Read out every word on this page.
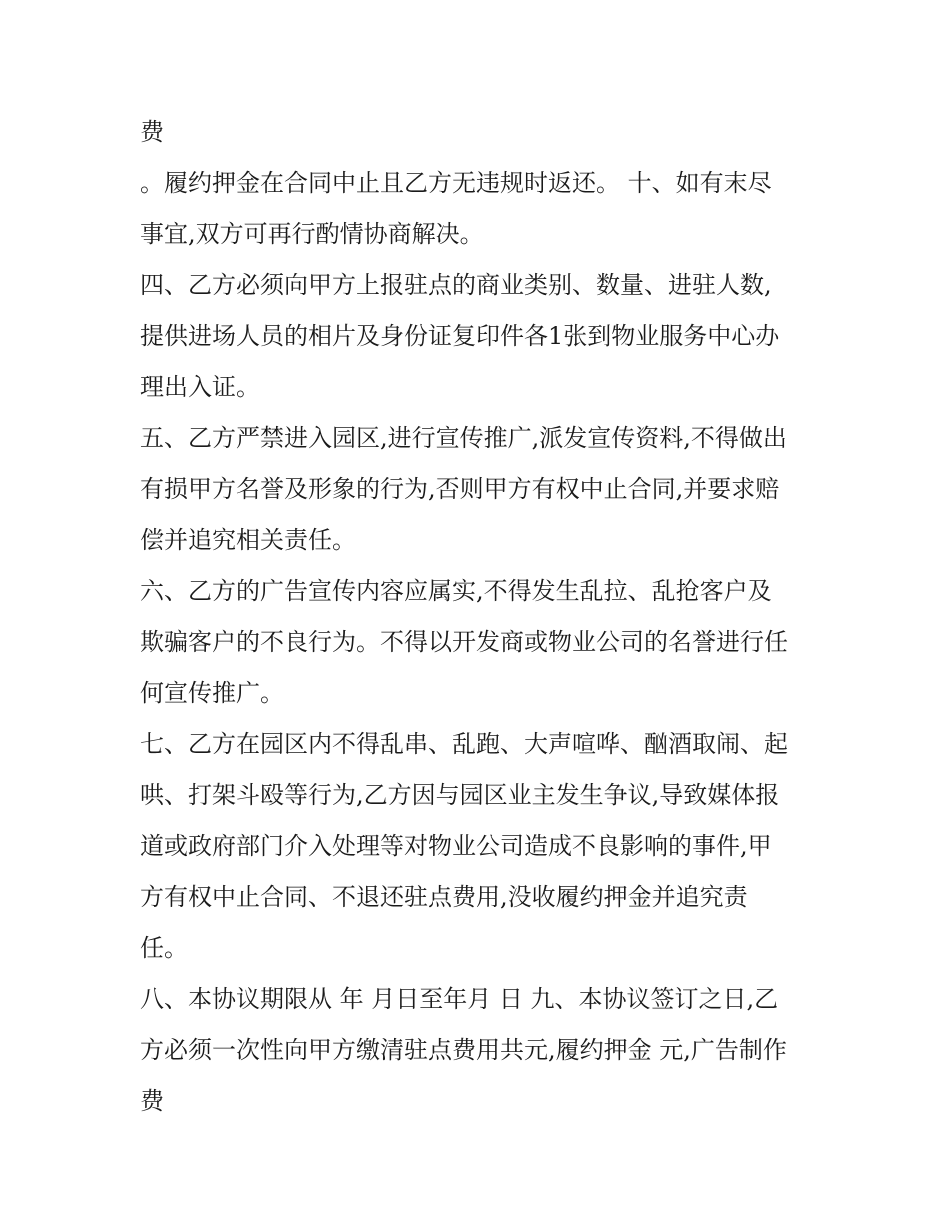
费
。履约押金在合同中止且乙方无违规时返还。 十、如有末尽
事宜,双方可再行酌情协商解决。
四、乙方必须向甲方上报驻点的商业类别、数量、进驻人数,
提供进场人员的相片及身份证复印件各1张到物业服务中心办
理出入证。
五、乙方严禁进入园区,进行宣传推广,派发宣传资料,不得做出
有损甲方名誉及形象的行为,否则甲方有权中止合同,并要求赔
偿并追究相关责任。
六、乙方的广告宣传内容应属实,不得发生乱拉、乱抢客户及
欺骗客户的不良行为。不得以开发商或物业公司的名誉进行任
何宣传推广。
七、乙方在园区内不得乱串、乱跑、大声喧哗、酗酒取闹、起
哄、打架斗殴等行为,乙方因与园区业主发生争议,导致媒体报
道或政府部门介入处理等对物业公司造成不良影响的事件,甲
方有权中止合同、不退还驻点费用,没收履约押金并追究责
任。
八、本协议期限从 年 月日至年月 日 九、本协议签订之日,乙
方必须一次性向甲方缴清驻点费用共元,履约押金 元,广告制作
费
